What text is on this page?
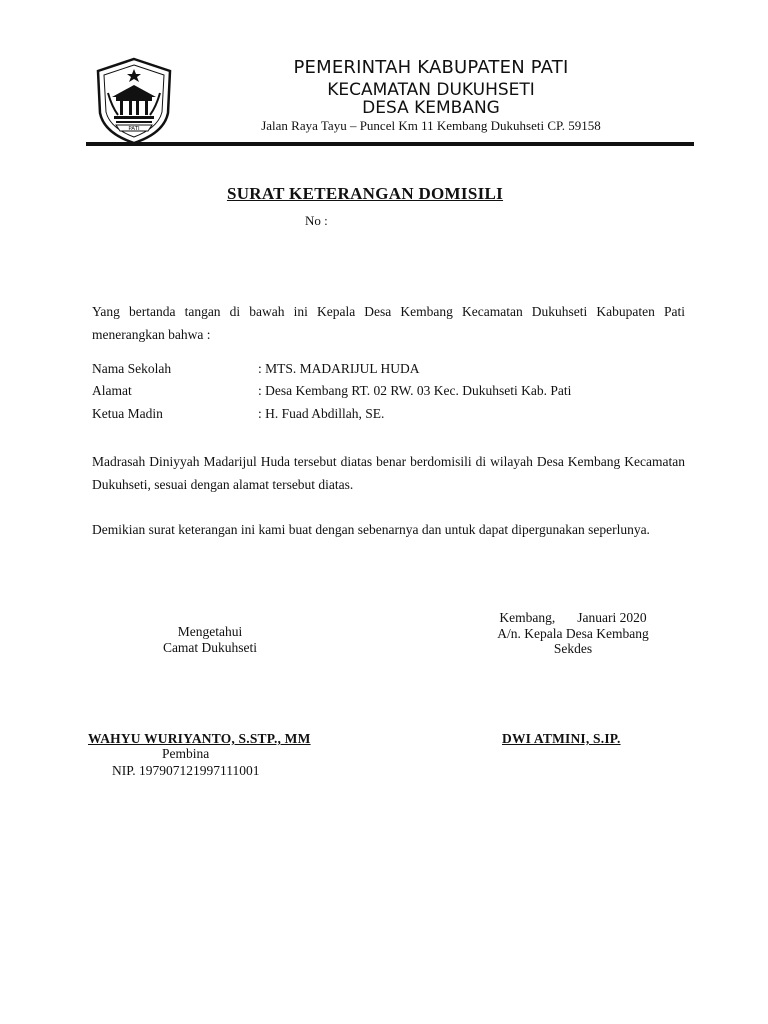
PATI
PEMERINTAH KABUPATEN PATI
KECAMATAN DUKUHSETI
DESA KEMBANG
Jalan Raya Tayu – Puncel Km 11 Kembang Dukuhseti CP. 59158
SURAT KETERANGAN DOMISILI
No :
Yang bertanda tangan di bawah ini Kepala Desa Kembang Kecamatan Dukuhseti Kabupaten Pati menerangkan bahwa :
Nama Sekolah	: MTS. MADARIJUL HUDA
Alamat	: Desa Kembang RT. 02 RW. 03 Kec. Dukuhseti Kab. Pati
Ketua Madin	: H. Fuad Abdillah, SE.
Madrasah Diniyyah Madarijul Huda tersebut diatas benar berdomisili di wilayah Desa Kembang Kecamatan Dukuhseti, sesuai dengan alamat tersebut diatas.
Demikian surat keterangan ini kami buat dengan sebenarnya dan untuk dapat dipergunakan seperlunya.
Kembang, Januari 2020
Mengetahui
Camat Dukuhseti
A/n. Kepala Desa Kembang
Sekdes
WAHYU WURIYANTO, S.STP., MM	DWI ATMINI, S.IP.
Pembina
NIP. 197907121997111001
